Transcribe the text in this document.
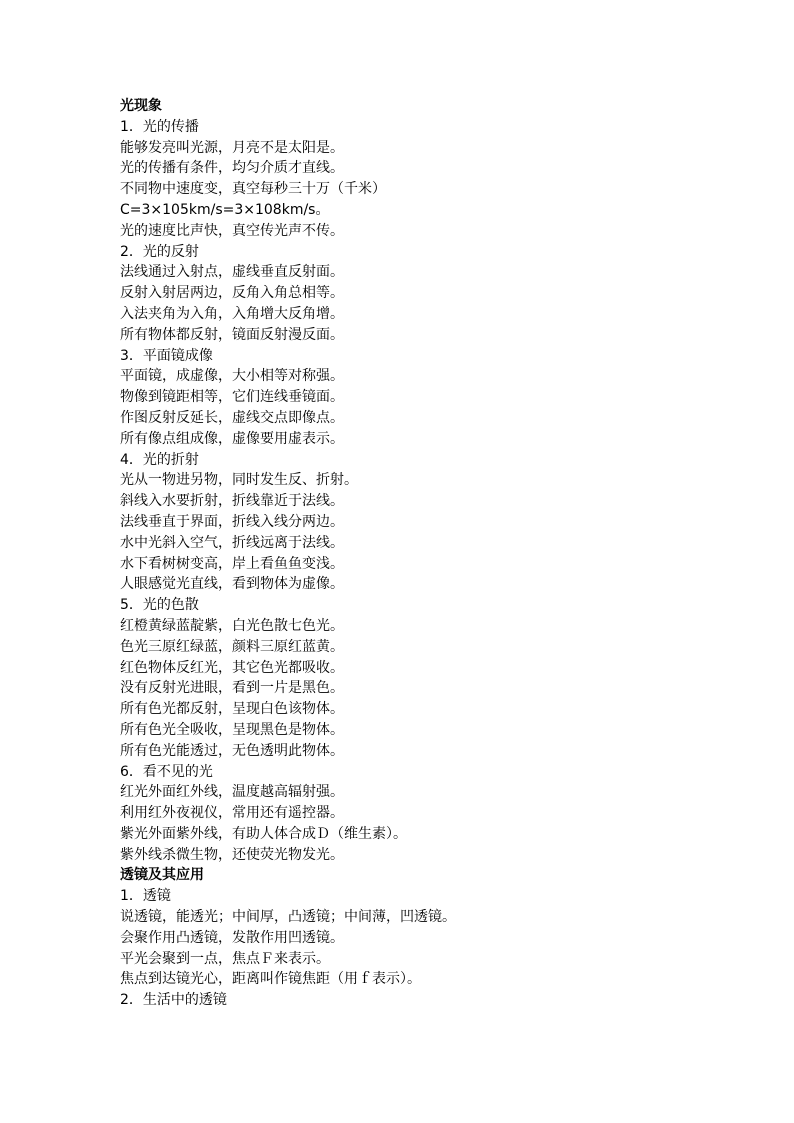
光现象
1．光的传播
能够发亮叫光源，月亮不是太阳是。
光的传播有条件，均匀介质才直线。
不同物中速度变，真空每秒三十万（千米）
C=3×105km/s=3×108km/s。
光的速度比声快，真空传光声不传。
2．光的反射
法线通过入射点，虚线垂直反射面。
反射入射居两边，反角入角总相等。
入法夹角为入角，入角增大反角增。
所有物体都反射，镜面反射漫反面。
3．平面镜成像
平面镜，成虚像，大小相等对称强。
物像到镜距相等，它们连线垂镜面。
作图反射反延长，虚线交点即像点。
所有像点组成像，虚像要用虚表示。
4．光的折射
光从一物进另物，同时发生反、折射。
斜线入水要折射，折线靠近于法线。
法线垂直于界面，折线入线分两边。
水中光斜入空气，折线远离于法线。
水下看树树变高，岸上看鱼鱼变浅。
人眼感觉光直线，看到物体为虚像。
5．光的色散
红橙黄绿蓝靛紫，白光色散七色光。
色光三原红绿蓝，颜料三原红蓝黄。
红色物体反红光，其它色光都吸收。
没有反射光进眼，看到一片是黑色。
所有色光都反射，呈现白色该物体。
所有色光全吸收，呈现黑色是物体。
所有色光能透过，无色透明此物体。
6．看不见的光
红光外面红外线，温度越高辐射强。
利用红外夜视仪，常用还有遥控器。
紫光外面紫外线，有助人体合成Ｄ（维生素）。
紫外线杀微生物，还使荧光物发光。
透镜及其应用
1．透镜
说透镜，能透光；中间厚，凸透镜；中间薄，凹透镜。
会聚作用凸透镜，发散作用凹透镜。
平光会聚到一点，焦点Ｆ来表示。
焦点到达镜光心，距离叫作镜焦距（用ｆ表示）。
2．生活中的透镜
